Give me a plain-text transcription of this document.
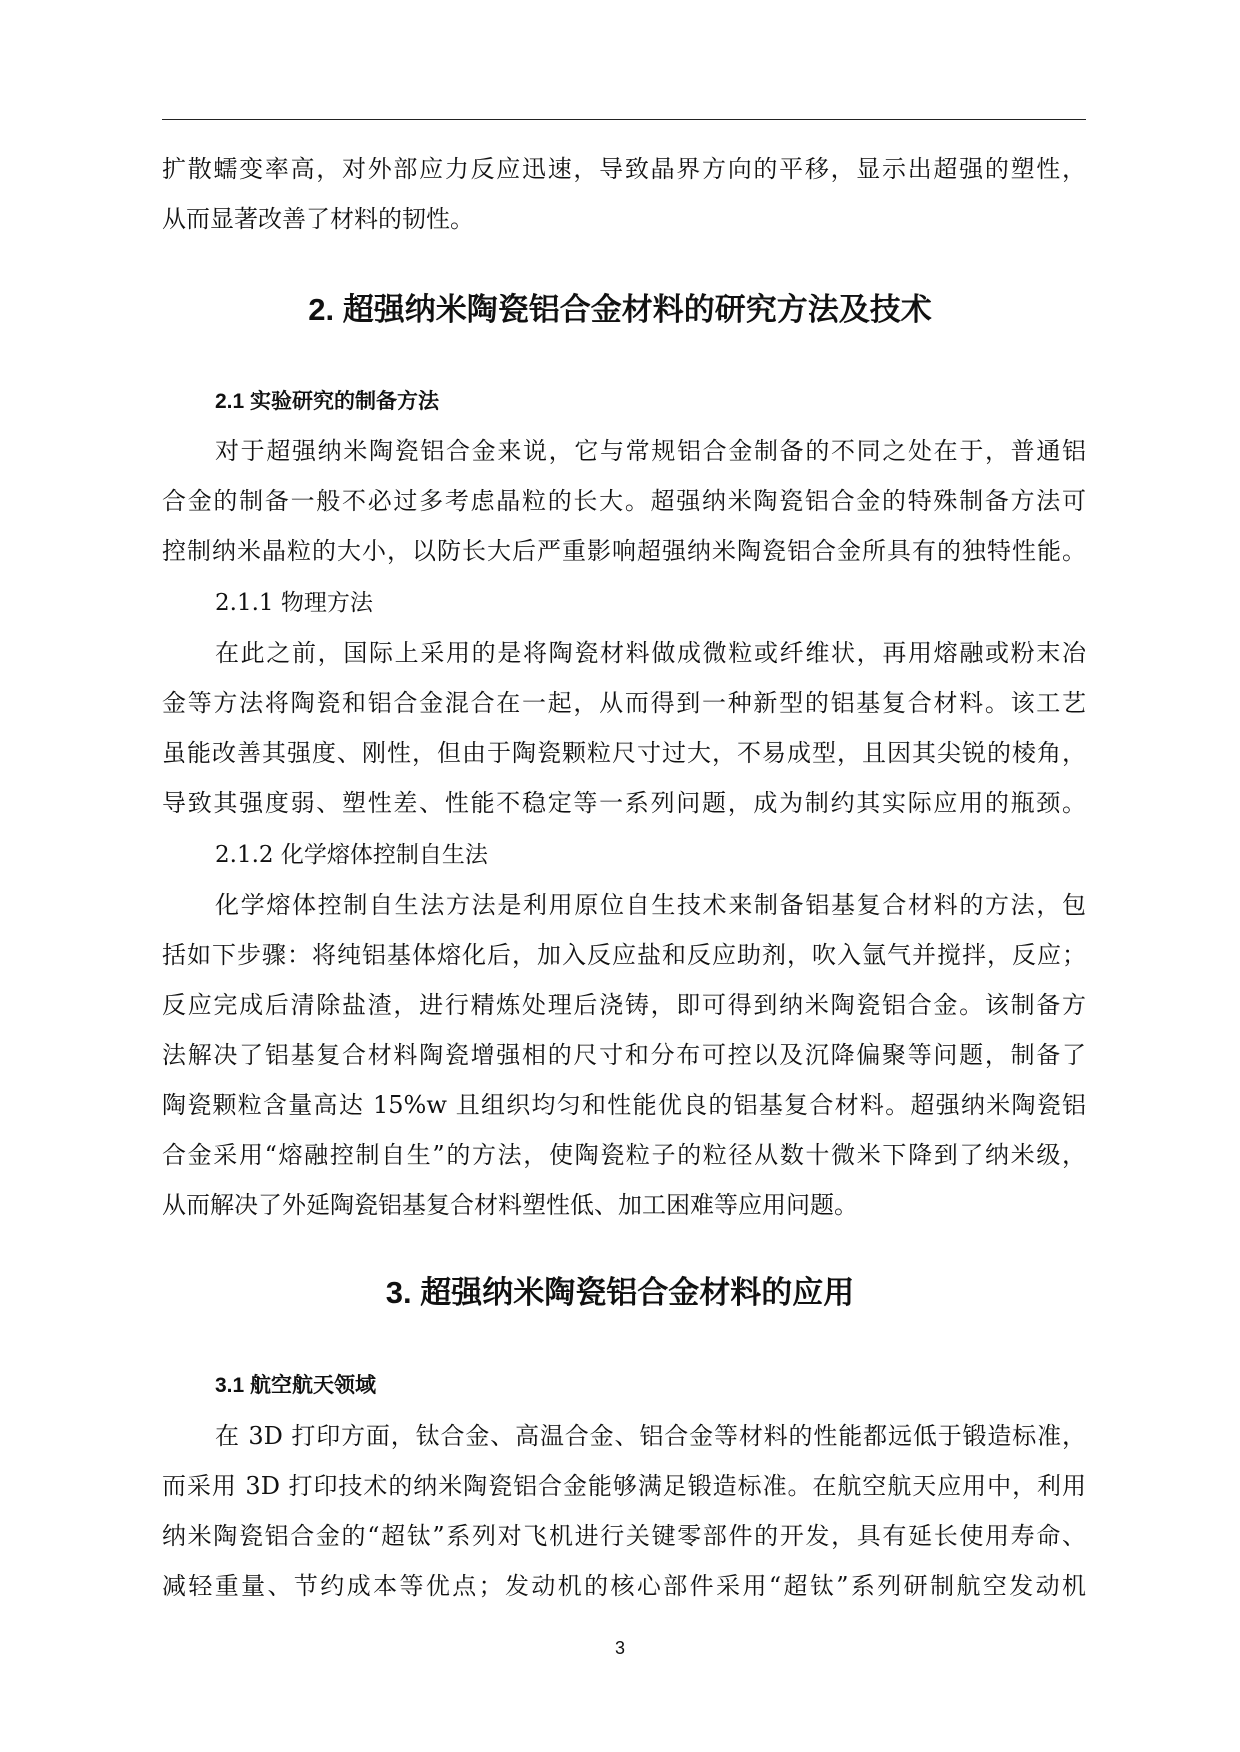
扩散蠕变率高，对外部应力反应迅速，导致晶界方向的平移，显示出超强的塑性，
从而显著改善了材料的韧性。
2. 超强纳米陶瓷铝合金材料的研究方法及技术
2.1 实验研究的制备方法
对于超强纳米陶瓷铝合金来说，它与常规铝合金制备的不同之处在于，普通铝
合金的制备一般不必过多考虑晶粒的长大。超强纳米陶瓷铝合金的特殊制备方法可
控制纳米晶粒的大小，以防长大后严重影响超强纳米陶瓷铝合金所具有的独特性能。
2.1.1 物理方法
在此之前，国际上采用的是将陶瓷材料做成微粒或纤维状，再用熔融或粉末冶
金等方法将陶瓷和铝合金混合在一起，从而得到一种新型的铝基复合材料。该工艺
虽能改善其强度、刚性，但由于陶瓷颗粒尺寸过大，不易成型，且因其尖锐的棱角，
导致其强度弱、塑性差、性能不稳定等一系列问题，成为制约其实际应用的瓶颈。
2.1.2 化学熔体控制自生法
化学熔体控制自生法方法是利用原位自生技术来制备铝基复合材料的方法，包
括如下步骤：将纯铝基体熔化后，加入反应盐和反应助剂，吹入氩气并搅拌，反应；
反应完成后清除盐渣，进行精炼处理后浇铸，即可得到纳米陶瓷铝合金。该制备方
法解决了铝基复合材料陶瓷增强相的尺寸和分布可控以及沉降偏聚等问题，制备了
陶瓷颗粒含量高达 15%w 且组织均匀和性能优良的铝基复合材料。超强纳米陶瓷铝
合金采用“熔融控制自生”的方法，使陶瓷粒子的粒径从数十微米下降到了纳米级，
从而解决了外延陶瓷铝基复合材料塑性低、加工困难等应用问题。
3. 超强纳米陶瓷铝合金材料的应用
3.1 航空航天领域
在 3D 打印方面，钛合金、高温合金、铝合金等材料的性能都远低于锻造标准，
而采用 3D 打印技术的纳米陶瓷铝合金能够满足锻造标准。在航空航天应用中，利用
纳米陶瓷铝合金的“超钛”系列对飞机进行关键零部件的开发，具有延长使用寿命、
减轻重量、节约成本等优点；发动机的核心部件采用“超钛”系列研制航空发动机
3
